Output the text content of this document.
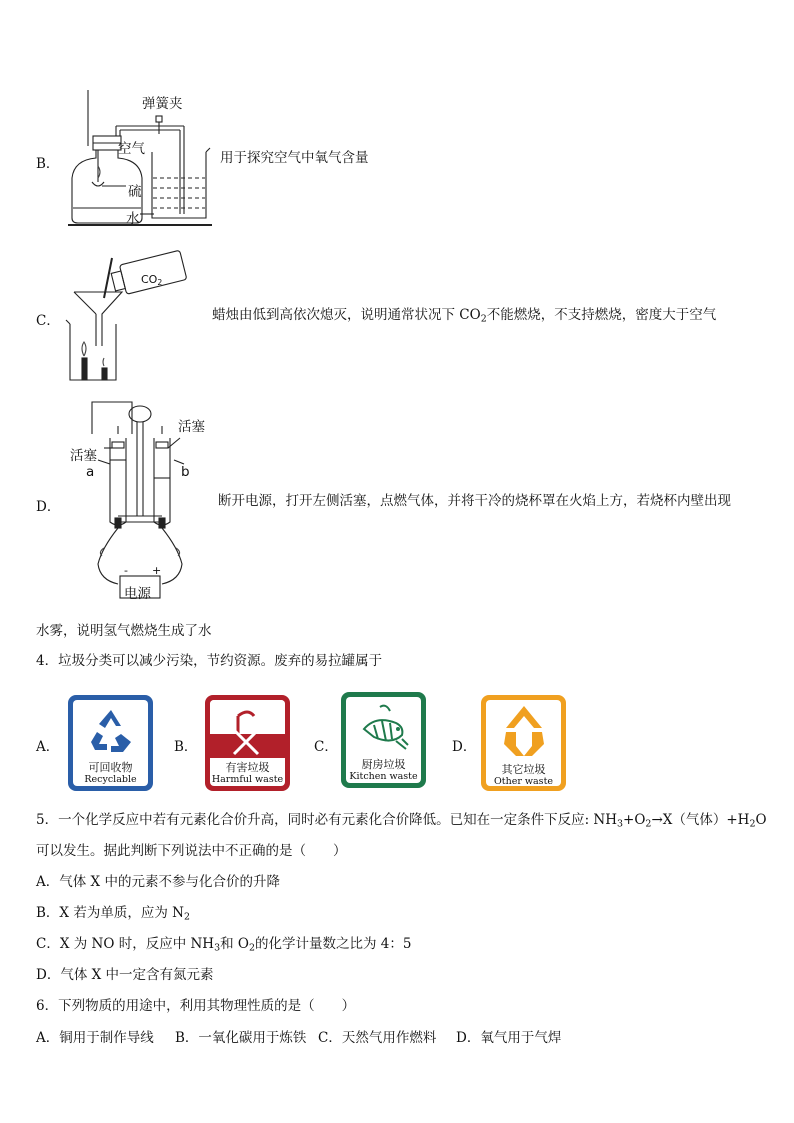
B．
弹簧夹
空气
硫
水
用于探究空气中氧气含量
C．
$CO_2$
蜡烛由低到高依次熄灭，说明通常状况下 $CO_2$不能燃烧，不支持燃烧，密度大于空气
D．
活塞
活塞
a	b
- +
电源
断开电源，打开左侧活塞，点燃气体，并将干冷的烧杯罩在火焰上方，若烧杯内壁出现
水雾，说明氢气燃烧生成了水
4．垃圾分类可以减少污染，节约资源。废弃的易拉罐属于
A．
可回收物
Recyclable
B．
有害垃圾
Harmful waste
C．
厨房垃圾
Kitchen waste
D．
其它垃圾
Other waste
5．一个化学反应中若有元素化合价升高，同时必有元素化合价降低。已知在一定条件下反应: $NH_3+O_2\to X$（气体）$+H_2O$
可以发生。据此判断下列说法中不正确的是（　　）
A．气体 X 中的元素不参与化合价的升降
B．X 若为单质，应为 $N_2$
C．X 为 NO 时，反应中 $NH_3$和 $O_2$的化学计量数之比为 4：5
D．气体 X 中一定含有氮元素
6．下列物质的用途中，利用其物理性质的是（　　）
A．铜用于制作导线 B．一氧化碳用于炼铁 C．天然气用作燃料 D．氧气用于气焊
